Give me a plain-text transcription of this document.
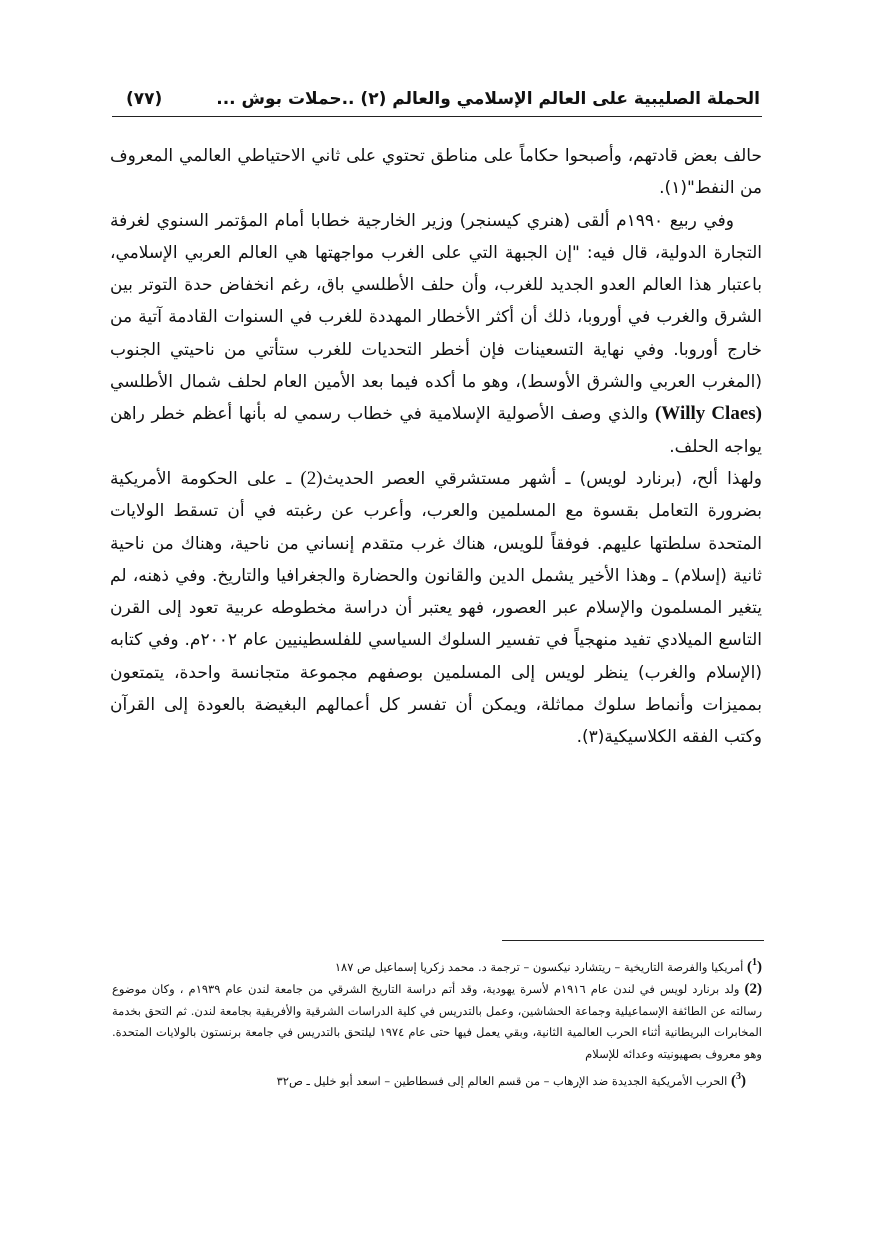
الحملة الصليبية على العالم الإسلامي والعالم (٢) ..حملات بوش ...
(٧٧)

حالف بعض قادتهم، وأصبحوا حكاماً على مناطق تحتوي على ثاني الاحتياطي العالمي المعروف من النفط"(١).

وفي ربيع ١٩٩٠م ألقى (هنري كيسنجر) وزير الخارجية خطابا أمام المؤتمر السنوي لغرفة التجارة الدولية، قال فيه: "إن الجبهة التي على الغرب مواجهتها هي العالم العربي الإسلامي، باعتبار هذا العالم العدو الجديد للغرب، وأن حلف الأطلسي باق، رغم انخفاض حدة التوتر بين الشرق والغرب في أوروبا، ذلك أن أكثر الأخطار المهددة للغرب في السنوات القادمة آتية من خارج أوروبا. وفي نهاية التسعينات فإن أخطر التحديات للغرب ستأتي من ناحيتي الجنوب (المغرب العربي والشرق الأوسط)، وهو ما أكده فيما بعد الأمين العام لحلف شمال الأطلسي (Willy Claes) والذي وصف الأصولية الإسلامية في خطاب رسمي له بأنها أعظم خطر راهن يواجه الحلف.

ولهذا ألح، (برنارد لويس) ـ أشهر مستشرقي العصر الحديث(2) ـ على الحكومة الأمريكية بضرورة التعامل بقسوة مع المسلمين والعرب، وأعرب عن رغبته في أن تسقط الولايات المتحدة سلطتها عليهم. فوفقاً للويس، هناك غرب متقدم إنساني من ناحية، وهناك من ناحية ثانية (إسلام) ـ وهذا الأخير يشمل الدين والقانون والحضارة والجغرافيا والتاريخ. وفي ذهنه، لم يتغير المسلمون والإسلام عبر العصور، فهو يعتبر أن دراسة مخطوطه عربية تعود إلى القرن التاسع الميلادي تفيد منهجياً في تفسير السلوك السياسي للفلسطينيين عام ٢٠٠٢م. وفي كتابه (الإسلام والغرب) ينظر لويس إلى المسلمين بوصفهم مجموعة متجانسة واحدة، يتمتعون بمميزات وأنماط سلوك مماثلة، ويمكن أن تفسر كل أعمالهم البغيضة بالعودة إلى القرآن وكتب الفقه الكلاسيكية(٣).

($^1$) أمريكيا والفرصة التاريخية – ريتشارد نيكسون – ترجمة د. محمد زكريا إسماعيل ص ١٨٧

(2) ولد برنارد لويس في لندن عام ١٩١٦م لأسرة يهودية، وقد أتم دراسة التاريخ الشرقي من جامعة لندن عام ١٩٣٩م ، وكان موضوع رسالته عن الطائفة الإسماعيلية وجماعة الحشاشين، وعمل بالتدريس في كلية الدراسات الشرقية والأفريقية بجامعة لندن. ثم التحق بخدمة المخابرات البريطانية أثناء الحرب العالمية الثانية، وبقي يعمل فيها حتى عام ١٩٧٤ ليلتحق بالتدريس في جامعة برنستون بالولايات المتحدة. وهو معروف بصهيونيته وعدائه للإسلام

($^3$) الحرب الأمريكية الجديدة ضد الإرهاب – من قسم العالم إلى فسطاطين – اسعد أبو خليل ـ ص٣٢
